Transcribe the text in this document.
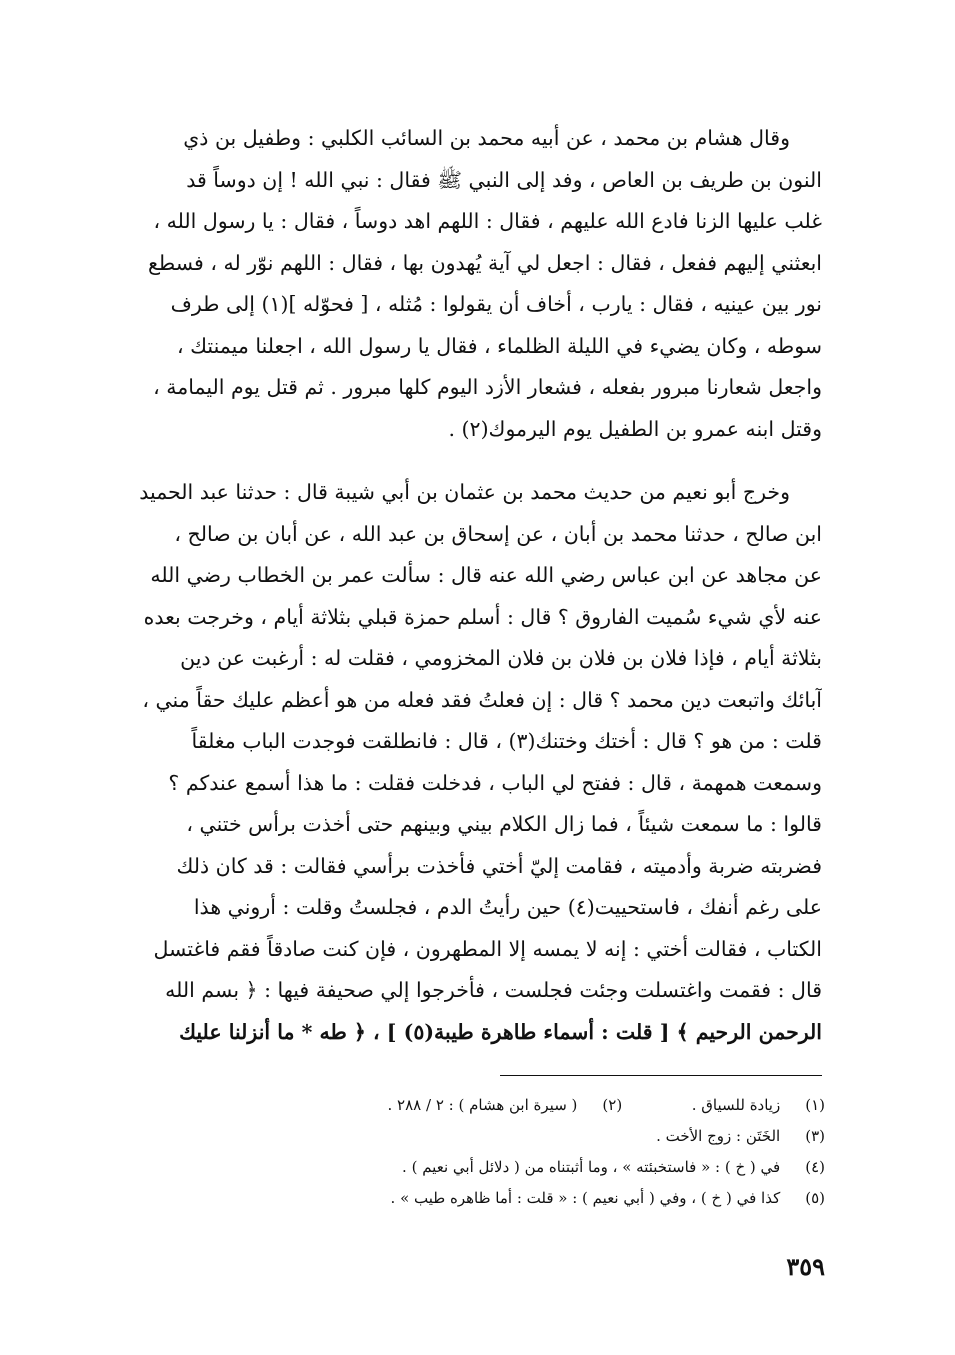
وقال هشام بن محمد ، عن أبيه محمد بن السائب الكلبي : وطفيل بن ذي
النون بن طريف بن العاص ، وفد إلى النبي ﷺ فقال : نبي الله ! إن دوساً قد
غلب عليها الزنا فادع الله عليهم ، فقال : اللهم اهد دوساً ، فقال : يا رسول الله ،
ابعثني إليهم ففعل ، فقال : اجعل لي آية يُهدون بها ، فقال : اللهم نوّر له ، فسطع
نور بين عينيه ، فقال : يارب ، أخاف أن يقولوا : مُثله ، [ فحوّله ](١) إلى طرف
سوطه ، وكان يضيء في الليلة الظلماء ، فقال يا رسول الله ، اجعلنا ميمنتك ،
واجعل شعارنا مبرور بفعله ، فشعار الأزد اليوم كلها مبرور . ثم قتل يوم اليمامة ،
وقتل ابنه عمرو بن الطفيل يوم اليرموك(٢) .
وخرج أبو نعيم من حديث محمد بن عثمان بن أبي شيبة قال : حدثنا عبد الحميد
ابن صالح ، حدثنا محمد بن أبان ، عن إسحاق بن عبد الله ، عن أبان بن صالح ،
عن مجاهد عن ابن عباس رضي الله عنه قال : سألت عمر بن الخطاب رضي الله
عنه لأي شيء سُميت الفاروق ؟ قال : أسلم حمزة قبلي بثلاثة أيام ، وخرجت بعده
بثلاثة أيام ، فإذا فلان بن فلان بن فلان المخزومي ، فقلت له : أرغبت عن دين
آبائك واتبعت دين محمد ؟ قال : إن فعلتُ فقد فعله من هو أعظم عليك حقاً مني ،
قلت : من هو ؟ قال : أختك وختنك(٣) ، قال : فانطلقت فوجدت الباب مغلقاً
وسمعت همهمة ، قال : ففتح لي الباب ، فدخلت فقلت : ما هذا أسمع عندكم ؟
قالوا : ما سمعت شيئاً ، فما زال الكلام بيني وبينهم حتى أخذت برأس ختني ،
فضربته ضربة وأدميته ، فقامت إليّ أختي فأخذت برأسي فقالت : قد كان ذلك
على رغم أنفك ، فاستحييت(٤) حين رأيتُ الدم ، فجلستُ وقلت : أروني هذا
الكتاب ، فقالت أختي : إنه لا يمسه إلا المطهرون ، فإن كنت صادقاً فقم فاغتسل
قال : فقمت واغتسلت وجئت فجلست ، فأخرجوا إلي صحيفة فيها : ﴿ بسم الله
الرحمن الرحيم ﴾ [ قلت : أسماء طاهرة طيبة(٥) ] ، ﴿ طه * ما أنزلنا عليك
(١) زيادة للسياق .  (٢) ( سيرة ابن هشام ) : ٢ / ٢٨٨ .
(٣) الخَتَن : زوج الأخت .
(٤) في ( خ ) : « فاستخبئته » ، وما أثبتناه من ( دلائل أبي نعيم ) .
(٥) كذا في ( خ ) ، وفي ( أبي نعيم ) : « قلت : أما ظاهره طيب » .
٣٥٩
